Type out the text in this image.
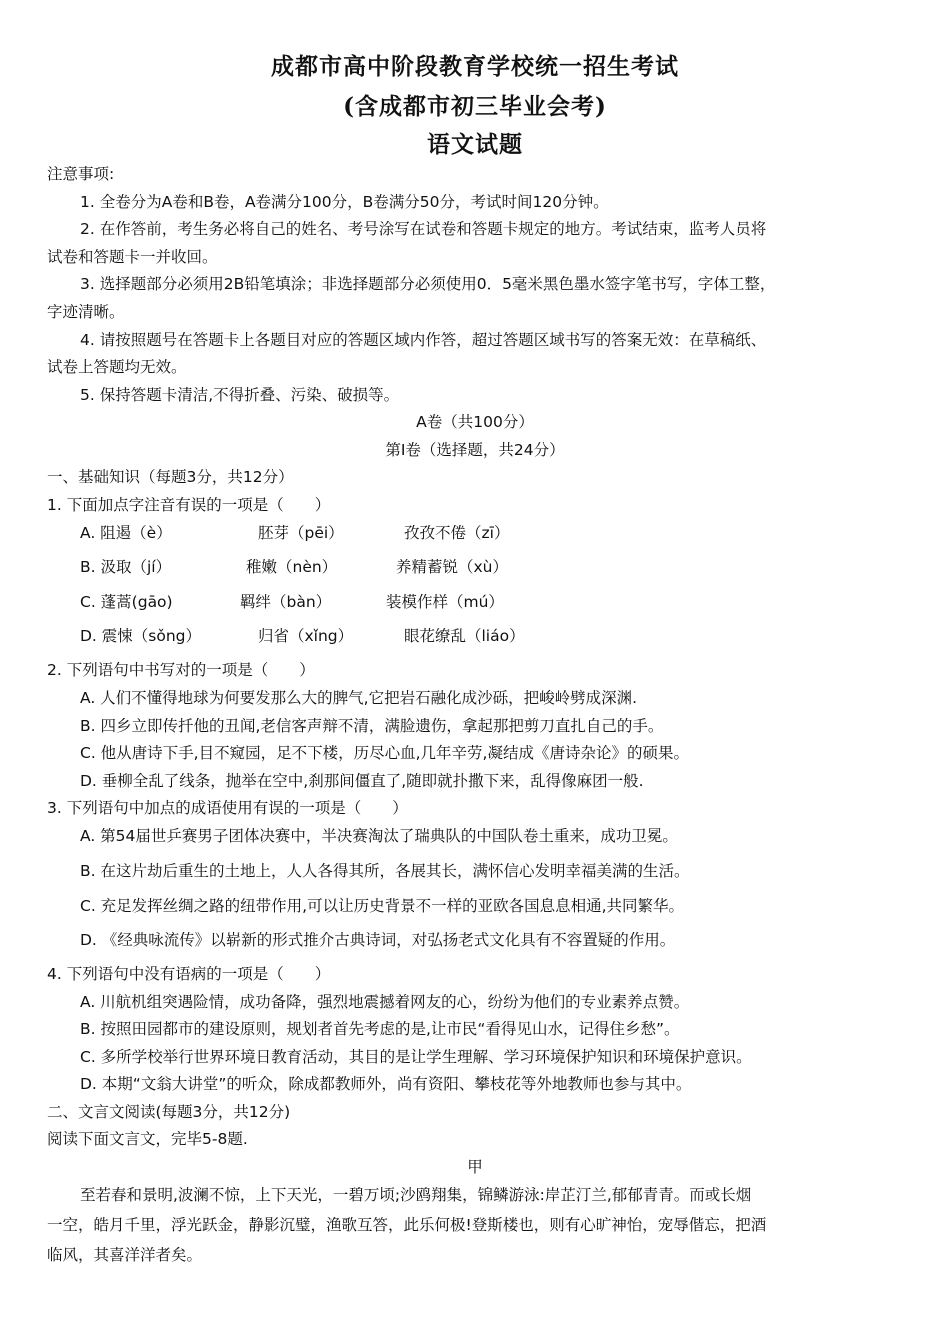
成都市高中阶段教育学校统一招生考试
(含成都市初三毕业会考)
语文试题
注意事项:
1. 全卷分为A卷和B卷，A卷满分100分，B卷满分50分，考试时间120分钟。
2. 在作答前，考生务必将自己的姓名、考号涂写在试卷和答题卡规定的地方。考试结束，监考人员将
试卷和答题卡一并收回。
3. 选择题部分必须用2B铅笔填涂；非选择题部分必须使用0．5毫米黑色墨水签字笔书写，字体工整，
字迹清晰。
4. 请按照题号在答题卡上各题目对应的答题区域内作答，超过答题区域书写的答案无效：在草稿纸、
试卷上答题均无效。
5. 保持答题卡清洁,不得折叠、污染、破损等。
A卷（共100分）
第Ⅰ卷（选择题，共24分）
一、基础知识（每题3分，共12分）
1. 下面加点字注音有误的一项是（　　）
A. 阻遏（è）	胚芽（pēi）	孜孜不倦（zī）
B. 汲取（jí）	稚嫩（nèn）	养精蓄锐（xù）
C. 蓬蒿(gāo)	羁绊（bàn）	装模作样（mú）
D. 震悚（sǒng）	归省（xǐng）	眼花缭乱（liáo）
2. 下列语句中书写对的一项是（　　）
A. 人们不懂得地球为何要发那么大的脾气,它把岩石融化成沙砾，把峻岭劈成深渊.
B. 四乡立即传扦他的丑闻,老信客声辩不清，满脸遗伤，拿起那把剪刀直扎自己的手。
C. 他从唐诗下手,目不窥园，足不下楼，历尽心血,几年辛劳,凝结成《唐诗杂论》的硕果。
D. 垂柳全乱了线条，抛举在空中,刹那间僵直了,随即就扑撒下来，乱得像麻团一般.
3. 下列语句中加点的成语使用有误的一项是（　　）
A. 第54届世乒赛男子团体决赛中，半决赛淘汰了瑞典队的中国队卷土重来，成功卫冕。
B. 在这片劫后重生的土地上，人人各得其所，各展其长，满怀信心发明幸福美满的生活。
C. 充足发挥丝绸之路的纽带作用,可以让历史背景不一样的亚欧各国息息相通,共同繁华。
D. 《经典咏流传》以崭新的形式推介古典诗词，对弘扬老式文化具有不容置疑的作用。
4. 下列语句中没有语病的一项是（　　）
A. 川航机组突遇险情，成功备降，强烈地震撼着网友的心，纷纷为他们的专业素养点赞。
B. 按照田园都市的建设原则，规划者首先考虑的是,让市民“看得见山水，记得住乡愁”。
C. 多所学校举行世界环境日教育活动，其目的是让学生理解、学习环境保护知识和环境保护意识。
D. 本期“文翁大讲堂”的听众，除成都教师外，尚有资阳、攀枝花等外地教师也参与其中。
二、文言文阅读(每题3分，共12分)
阅读下面文言文，完毕5-8题.
甲
至若春和景明,波澜不惊，上下天光，一碧万顷;沙鸥翔集，锦鳞游泳:岸芷汀兰,郁郁青青。而或长烟
一空，皓月千里，浮光跃金，静影沉璧，渔歌互答，此乐何极!登斯楼也，则有心旷神怡，宠辱偕忘，把酒
临风，其喜洋洋者矣。
